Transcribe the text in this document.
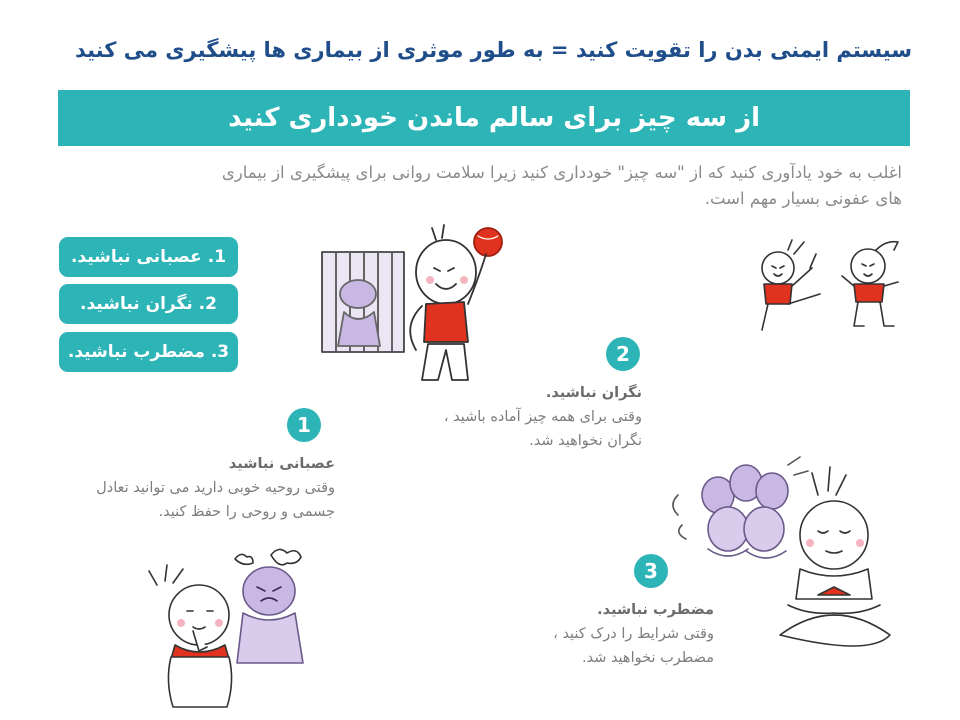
سیستم ایمنی بدن را تقویت کنید = به طور موثری از بیماری ها پیشگیری می کنید
از سه چیز برای سالم ماندن خودداری کنید
اغلب به خود یادآوری کنید که از "سه چیز" خودداری کنید زیرا سلامت روانی برای پیشگیری از بیماری
های عفونی بسیار مهم است.
1. عصبانی نباشید.
2. نگران نباشید.
3. مضطرب نباشید.
1
2
3
عصبانی نباشید
وقتی روحیه خوبی دارید می توانید تعادل
جسمی و روحی را حفظ کنید.
نگران نباشید.
وقتی برای همه چیز آماده باشید ،
نگران نخواهید شد.
مضطرب نباشید.
وقتی شرایط را درک کنید ،
مضطرب نخواهید شد.
